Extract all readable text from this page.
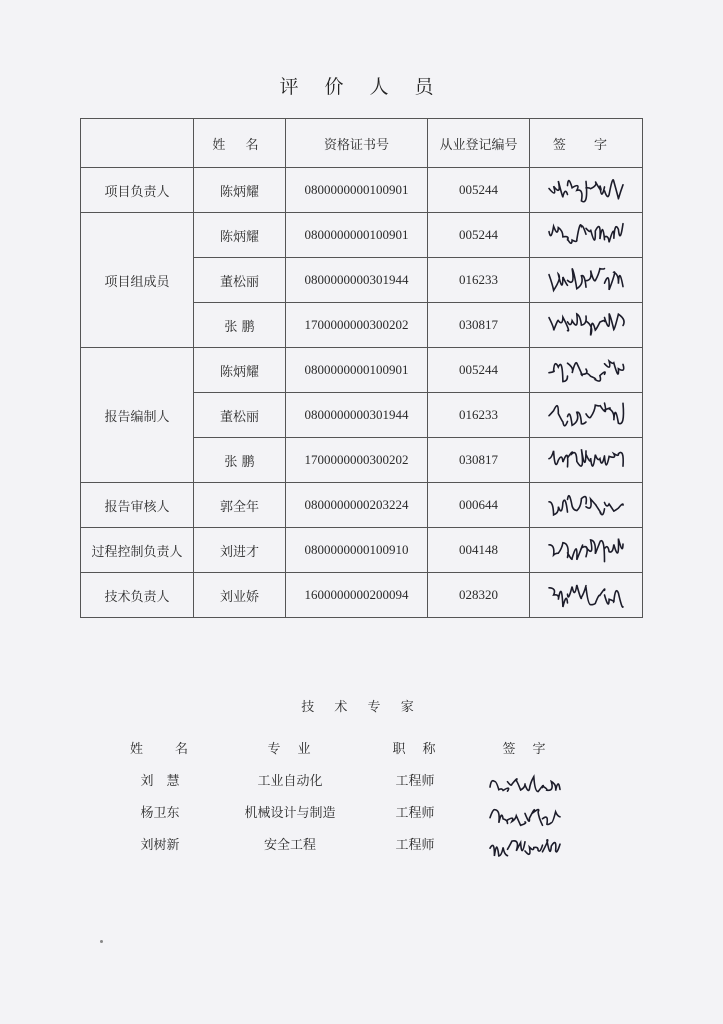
评 价 人 员
	姓 名	资格证书号	从业登记编号	签 字
项目负责人	陈炳耀	0800000000100901	005244	

项目组成员	陈炳耀	0800000000100901	005244	

	董松丽	0800000000301944	016233	

	张 鹏	1700000000300202	030817	

报告编制人	陈炳耀	0800000000100901	005244	

	董松丽	0800000000301944	016233	

	张 鹏	1700000000300202	030817	

报告审核人	郭全年	0800000000203224	000644	

过程控制负责人	刘进才	0800000000100910	004148	

技术负责人	刘业娇	1600000000200094	028320	
技 术 专 家
姓　　名	专　业	职　称	签　字
刘　慧	工业自动化	工程师
杨卫东	机械设计与制造	工程师
刘树新	安全工程	工程师
